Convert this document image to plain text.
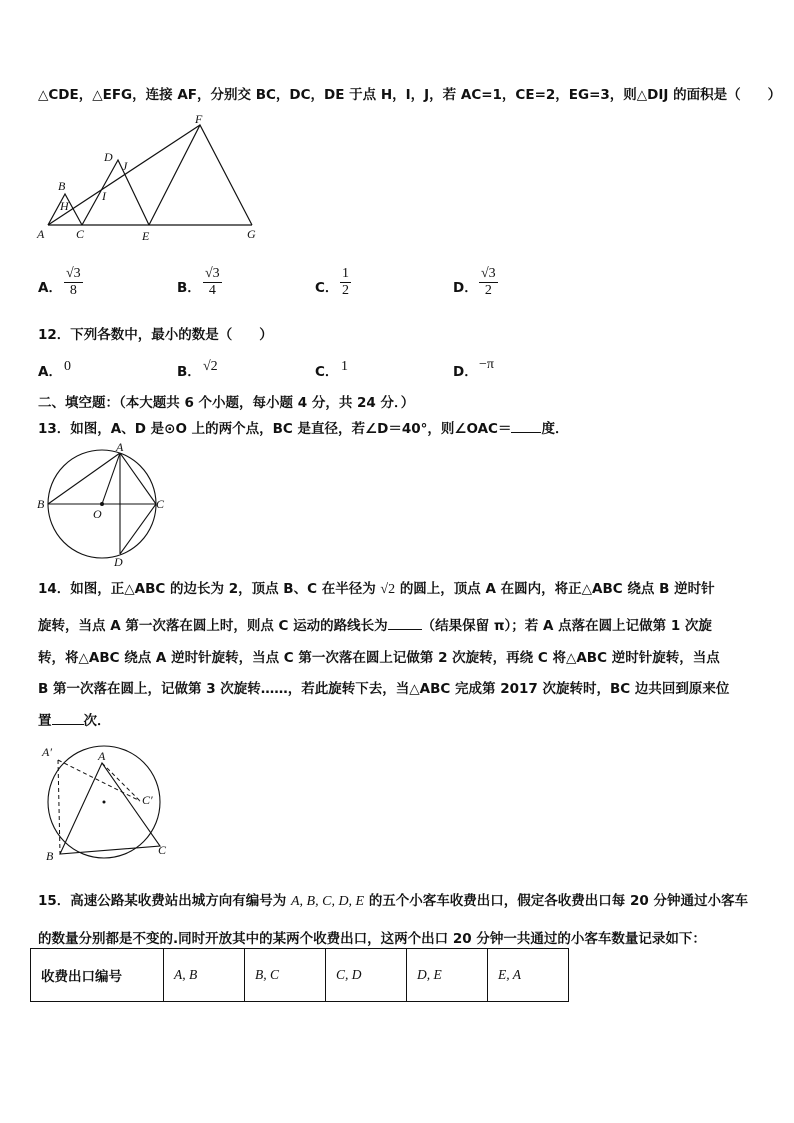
△CDE，△EFG，连接 AF，分别交 BC，DC，DE 于点 H，I，J，若 AC=1，CE=2，EG=3，则△DIJ 的面积是（　　）
A
B
C
D
E
F
G
H
I
J
A． $\frac{√3}{8}$	B． $\frac{√3}{4}$	C． $\frac{1}{2}$	D． $\frac{√3}{2}$
12．下列各数中，最小的数是（　　）
A． 0	B． √2	C． 1	D． −π
二、填空题：（本大题共 6 个小题，每小题 4 分，共 24 分．）
13．如图，A、D 是⊙O 上的两个点，BC 是直径，若∠D＝40°，则∠OAC＝ 度．
A
B	C
D
O
14．如图，正△ABC 的边长为 2，顶点 B、C 在半径为 √2 的圆上，顶点 A 在圆内，将正△ABC 绕点 B 逆时针
旋转，当点 A 第一次落在圆上时，则点 C 运动的路线长为	（结果保留 π）；若 A 点落在圆上记做第 1 次旋
转，将△ABC 绕点 A 逆时针旋转，当点 C 第一次落在圆上记做第 2 次旋转，再绕 C 将△ABC 逆时针旋转，当点
B 第一次落在圆上，记做第 3 次旋转……，若此旋转下去，当△ABC 完成第 2017 次旋转时，BC 边共回到原来位
置 次．
A′	A
C′
B	C
15．高速公路某收费站出城方向有编号为 A, B, C, D, E 的五个小客车收费出口，假定各收费出口每 20 分钟通过小客车
的数量分别都是不变的.同时开放其中的某两个收费出口，这两个出口 20 分钟一共通过的小客车数量记录如下：
收费出口编号	A, B	B, C	C, D	D, E	E, A
